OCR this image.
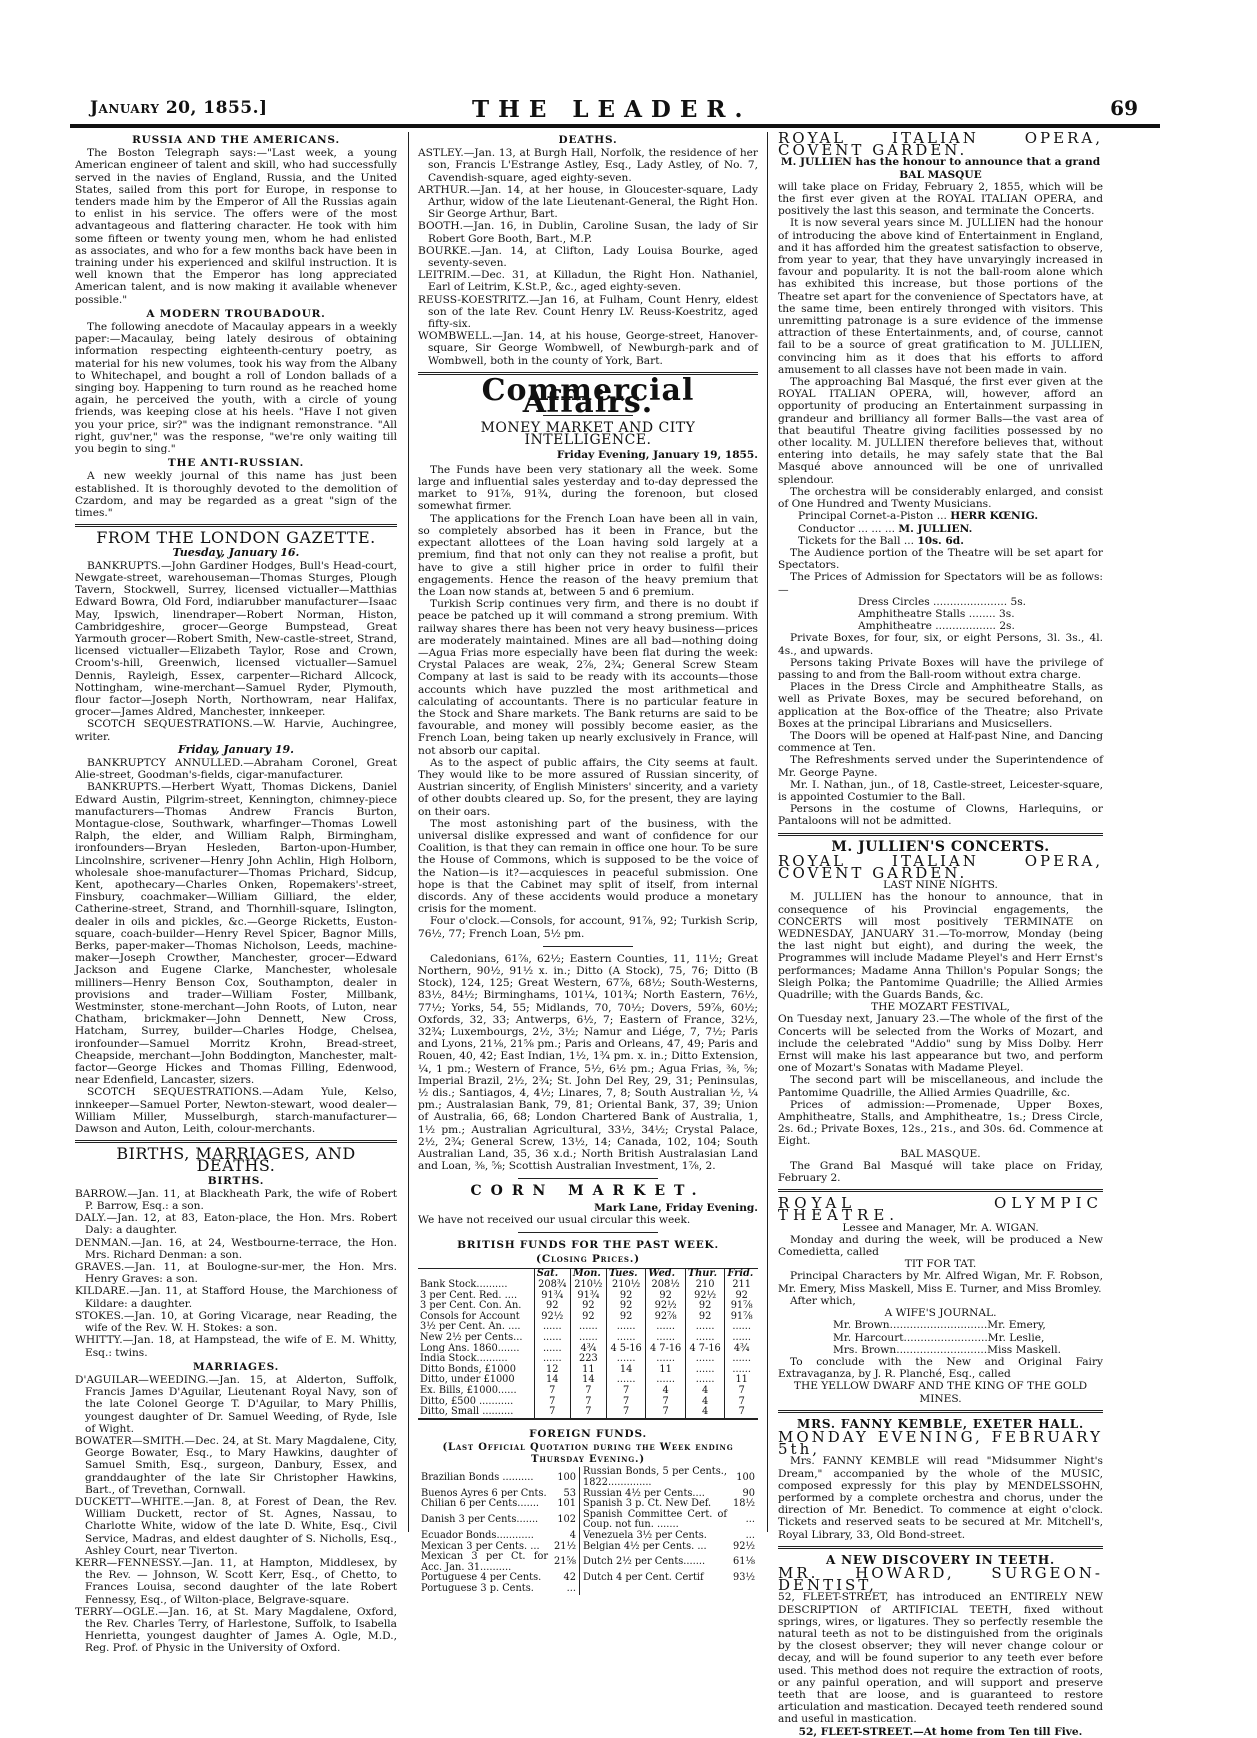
January 20, 1855.]	THE LEADER.	69
RUSSIA AND THE AMERICANS.

The Boston Telegraph says:—"Last week, a young American engineer of talent and skill, who had successfully served in the navies of England, Russia, and the United States, sailed from this port for Europe, in response to tenders made him by the Emperor of All the Russias again to enlist in his service. The offers were of the most advantageous and flattering character. He took with him some fifteen or twenty young men, whom he had enlisted as associates, and who for a few months back have been in training under his experienced and skilful instruction. It is well known that the Emperor has long appreciated American talent, and is now making it available whenever possible."

A MODERN TROUBADOUR.

The following anecdote of Macaulay appears in a weekly paper:—Macaulay, being lately desirous of obtaining information respecting eighteenth-century poetry, as material for his new volumes, took his way from the Albany to Whitechapel, and bought a roll of London ballads of a singing boy. Happening to turn round as he reached home again, he perceived the youth, with a circle of young friends, was keeping close at his heels. "Have I not given you your price, sir?" was the indignant remonstrance. "All right, guv'ner," was the response, "we're only waiting till you begin to sing."

THE ANTI-RUSSIAN.

A new weekly journal of this name has just been established. It is thoroughly devoted to the demolition of Czardom, and may be regarded as a great "sign of the times."

FROM THE LONDON GAZETTE.
Tuesday, January 16.

BANKRUPTS.—John Gardiner Hodges, Bull's Head-court, Newgate-street, warehouseman—Thomas Sturges, Plough Tavern, Stockwell, Surrey, licensed victualler—Matthias Edward Bowra, Old Ford, indiarubber manufacturer—Isaac May, Ipswich, linendraper—Robert Norman, Histon, Cambridgeshire, grocer—George Bumpstead, Great Yarmouth grocer—Robert Smith, New-castle-street, Strand, licensed victualler—Elizabeth Taylor, Rose and Crown, Croom's-hill, Greenwich, licensed victualler—Samuel Dennis, Rayleigh, Essex, carpenter—Richard Allcock, Nottingham, wine-merchant—Samuel Ryder, Plymouth, flour factor—Joseph North, Northowram, near Halifax, grocer—James Aldred, Manchester, innkeeper.

SCOTCH SEQUESTRATIONS.—W. Harvie, Auchingree, writer.

Friday, January 19.

BANKRUPTCY ANNULLED.—Abraham Coronel, Great Alie-street, Goodman's-fields, cigar-manufacturer.

BANKRUPTS.—Herbert Wyatt, Thomas Dickens, Daniel Edward Austin, Pilgrim-street, Kennington, chimney-piece manufacturers—Thomas Andrew Francis Burton, Montague-close, Southwark, wharfinger—Thomas Lowell Ralph, the elder, and William Ralph, Birmingham, ironfounders—Bryan Hesleden, Barton-upon-Humber, Lincolnshire, scrivener—Henry John Achlin, High Holborn, wholesale shoe-manufacturer—Thomas Prichard, Sidcup, Kent, apothecary—Charles Onken, Ropemakers'-street, Finsbury, coachmaker—William Gilliard, the elder, Catherine-street, Strand, and Thornhill-square, Islington, dealer in oils and pickles, &c.—George Ricketts, Euston-square, coach-builder—Henry Revel Spicer, Bagnor Mills, Berks, paper-maker—Thomas Nicholson, Leeds, machine-maker—Joseph Crowther, Manchester, grocer—Edward Jackson and Eugene Clarke, Manchester, wholesale milliners—Henry Benson Cox, Southampton, dealer in provisions and trader—William Foster, Millbank, Westminster, stone-merchant—John Roots, of Luton, near Chatham, brickmaker—John Dennett, New Cross, Hatcham, Surrey, builder—Charles Hodge, Chelsea, ironfounder—Samuel Morritz Krohn, Bread-street, Cheapside, merchant—John Boddington, Manchester, malt-factor—George Hickes and Thomas Filling, Edenwood, near Edenfield, Lancaster, sizers.

SCOTCH SEQUESTRATIONS.—Adam Yule, Kelso, innkeeper—Samuel Porter, Newton-stewart, wood dealer—William Miller, Musselburgh, starch-manufacturer—Dawson and Auton, Leith, colour-merchants.

BIRTHS, MARRIAGES, AND DEATHS.
BIRTHS.

BARROW.—Jan. 11, at Blackheath Park, the wife of Robert P. Barrow, Esq.: a son.

DALY.—Jan. 12, at 83, Eaton-place, the Hon. Mrs. Robert Daly: a daughter.

DENMAN.—Jan. 16, at 24, Westbourne-terrace, the Hon. Mrs. Richard Denman: a son.

GRAVES.—Jan. 11, at Boulogne-sur-mer, the Hon. Mrs. Henry Graves: a son.

KILDARE.—Jan. 11, at Stafford House, the Marchioness of Kildare: a daughter.

STOKES.—Jan. 10, at Goring Vicarage, near Reading, the wife of the Rev. W. H. Stokes: a son.

WHITTY.—Jan. 18, at Hampstead, the wife of E. M. Whitty, Esq.: twins.

MARRIAGES.

D'AGUILAR—WEEDING.—Jan. 15, at Alderton, Suffolk, Francis James D'Aguilar, Lieutenant Royal Navy, son of the late Colonel George T. D'Aguilar, to Mary Phillis, youngest daughter of Dr. Samuel Weeding, of Ryde, Isle of Wight.

BOWATER—SMITH.—Dec. 24, at St. Mary Magdalene, City, George Bowater, Esq., to Mary Hawkins, daughter of Samuel Smith, Esq., surgeon, Danbury, Essex, and granddaughter of the late Sir Christopher Hawkins, Bart., of Trevethan, Cornwall.

DUCKETT—WHITE.—Jan. 8, at Forest of Dean, the Rev. William Duckett, rector of St. Agnes, Nassau, to Charlotte White, widow of the late D. White, Esq., Civil Service, Madras, and eldest daughter of S. Nicholls, Esq., Ashley Court, near Tiverton.

KERR—FENNESSY.—Jan. 11, at Hampton, Middlesex, by the Rev. — Johnson, W. Scott Kerr, Esq., of Chetto, to Frances Louisa, second daughter of the late Robert Fennessy, Esq., of Wilton-place, Belgrave-square.

TERRY—OGLE.—Jan. 16, at St. Mary Magdalene, Oxford, the Rev. Charles Terry, of Harlestone, Suffolk, to Isabella Henrietta, youngest daughter of James A. Ogle, M.D., Reg. Prof. of Physic in the University of Oxford.

DEATHS.

ASTLEY.—Jan. 13, at Burgh Hall, Norfolk, the residence of her son, Francis L'Estrange Astley, Esq., Lady Astley, of No. 7, Cavendish-square, aged eighty-seven.

ARTHUR.—Jan. 14, at her house, in Gloucester-square, Lady Arthur, widow of the late Lieutenant-General, the Right Hon. Sir George Arthur, Bart.

BOOTH.—Jan. 16, in Dublin, Caroline Susan, the lady of Sir Robert Gore Booth, Bart., M.P.

BOURKE.—Jan. 14, at Clifton, Lady Louisa Bourke, aged seventy-seven.

LEITRIM.—Dec. 31, at Killadun, the Right Hon. Nathaniel, Earl of Leitrim, K.St.P., &c., aged eighty-seven.

REUSS-KOESTRITZ.—Jan 16, at Fulham, Count Henry, eldest son of the late Rev. Count Henry LV. Reuss-Koestritz, aged fifty-six.

WOMBWELL.—Jan. 14, at his house, George-street, Hanover-square, Sir George Wombwell, of Newburgh-park and of Wombwell, both in the county of York, Bart.

Commercial Affairs.
MONEY MARKET AND CITY INTELLIGENCE.
Friday Evening, January 19, 1855.

The Funds have been very stationary all the week. Some large and influential sales yesterday and to-day depressed the market to 91⅞, 91¾, during the forenoon, but closed somewhat firmer.

The applications for the French Loan have been all in vain, so completely absorbed has it been in France, but the expectant allottees of the Loan having sold largely at a premium, find that not only can they not realise a profit, but have to give a still higher price in order to fulfil their engagements. Hence the reason of the heavy premium that the Loan now stands at, between 5 and 6 premium.

Turkish Scrip continues very firm, and there is no doubt if peace be patched up it will command a strong premium. With railway shares there has been not very heavy business—prices are moderately maintained. Mines are all bad—nothing doing—Agua Frias more especially have been flat during the week: Crystal Palaces are weak, 2⅞, 2¾; General Screw Steam Company at last is said to be ready with its accounts—those accounts which have puzzled the most arithmetical and calculating of accountants. There is no particular feature in the Stock and Share markets. The Bank returns are said to be favourable, and money will possibly become easier, as the French Loan, being taken up nearly exclusively in France, will not absorb our capital.

As to the aspect of public affairs, the City seems at fault. They would like to be more assured of Russian sincerity, of Austrian sincerity, of English Ministers' sincerity, and a variety of other doubts cleared up. So, for the present, they are laying on their oars.

The most astonishing part of the business, with the universal dislike expressed and want of confidence for our Coalition, is that they can remain in office one hour. To be sure the House of Commons, which is supposed to be the voice of the Nation—is it?—acquiesces in peaceful submission. One hope is that the Cabinet may split of itself, from internal discords. Any of these accidents would produce a monetary crisis for the moment.

Four o'clock.—Consols, for account, 91⅞, 92; Turkish Scrip, 76½, 77; French Loan, 5½ pm.

Caledonians, 61⅞, 62½; Eastern Counties, 11, 11½; Great Northern, 90½, 91½ x. in.; Ditto (A Stock), 75, 76; Ditto (B Stock), 124, 125; Great Western, 67⅞, 68½; South-Westerns, 83½, 84½; Birminghams, 101¼, 101¾; North Eastern, 76½, 77½; Yorks, 54, 55; Midlands, 70, 70½; Dovers, 59⅞, 60½; Oxfords, 32, 33; Antwerps, 6½, 7; Eastern of France, 32½, 32¾; Luxembourgs, 2½, 3½; Namur and Liége, 7, 7½; Paris and Lyons, 21⅛, 21⅝ pm.; Paris and Orleans, 47, 49; Paris and Rouen, 40, 42; East Indian, 1½, 1¾ pm. x. in.; Ditto Extension, ¼, 1 pm.; Western of France, 5½, 6½ pm.; Agua Frias, ⅜, ⅝; Imperial Brazil, 2½, 2¾; St. John Del Rey, 29, 31; Peninsulas, ½ dis.; Santiagos, 4, 4½; Linares, 7, 8; South Australian ½, ¼ pm.; Australasian Bank, 79, 81; Oriental Bank, 37, 39; Union of Australia, 66, 68; London Chartered Bank of Australia, 1, 1½ pm.; Australian Agricultural, 33½, 34½; Crystal Palace, 2½, 2¾; General Screw, 13½, 14; Canada, 102, 104; South Australian Land, 35, 36 x.d.; North British Australasian Land and Loan, ⅜, ⅝; Scottish Australian Investment, 1⅞, 2.

CORN MARKET.
Mark Lane, Friday Evening.

We have not received our usual circular this week.

BRITISH FUNDS FOR THE PAST WEEK.
(Closing Prices.)
	Sat.	Mon.	Tues.	Wed.	Thur.	Frid.
Bank Stock..........	208¾	210½	210½	208½	210	211
3 per Cent. Red. ....	91¾	91¾	92	92	92½	92
3 per Cent. Con. An.	92	92	92	92½	92	91⅞
Consols for Account	92½	92	92	92⅞	92	91⅞
3½ per Cent. An. ....	......	......	......	......	......	......
New 2½ per Cents...	......	......	......	......	......	......
Long Ans. 1860.......	......	4¾	4 5-16	4 7-16	4 7-16	4¾
India Stock..........	......	223	......	......	......	......
Ditto Bonds, £1000	12	11	14	11	......	......
Ditto, under £1000	14	14	......	......	......	11
Ex. Bills, £1000......	7	7	7	4	4	7
Ditto, £500 ...........	7	7	7	7	4	7
Ditto, Small ..........	7	7	7	7	4	7
FOREIGN FUNDS.
(Last Official Quotation during the Week ending Thursday Evening.)
Brazilian Bonds ..........	100	Russian Bonds, 5 per Cents., 1822..............	100
Buenos Ayres 6 per Cnts.	53	Russian 4½ per Cents....	90
Chilian 6 per Cents.......	101	Spanish 3 p. Ct. New Def.	18½
Danish 3 per Cents.......	102	Spanish Committee Cert. of Coup. not fun. .......	...
Ecuador Bonds............	4	Venezuela 3½ per Cents.	...
Mexican 3 per Cents. ...	21½	Belgian 4½ per Cents. ...	92½
Mexican 3 per Ct. for Acc. Jan. 31..........	21⅝	Dutch 2½ per Cents.......	61⅛
Portuguese 4 per Cents.	42	Dutch 4 per Cent. Certif	93½
Portuguese 3 p. Cents.	...		
ROYAL ITALIAN OPERA, COVENT GARDEN.
M. JULLIEN has the honour to announce that a grand
BAL MASQUE

will take place on Friday, February 2, 1855, which will be the first ever given at the ROYAL ITALIAN OPERA, and positively the last this season, and terminate the Concerts.

It is now several years since M. JULLIEN had the honour of introducing the above kind of Entertainment in England, and it has afforded him the greatest satisfaction to observe, from year to year, that they have unvaryingly increased in favour and popularity. It is not the ball-room alone which has exhibited this increase, but those portions of the Theatre set apart for the convenience of Spectators have, at the same time, been entirely thronged with visitors. This unremitting patronage is a sure evidence of the immense attraction of these Entertainments, and, of course, cannot fail to be a source of great gratification to M. JULLIEN, convincing him as it does that his efforts to afford amusement to all classes have not been made in vain.

The approaching Bal Masqué, the first ever given at the ROYAL ITALIAN OPERA, will, however, afford an opportunity of producing an Entertainment surpassing in grandeur and brilliancy all former Balls—the vast area of that beautiful Theatre giving facilities possessed by no other locality. M. JULLIEN therefore believes that, without entering into details, he may safely state that the Bal Masqué above announced will be one of unrivalled splendour.

The orchestra will be considerably enlarged, and consist of One Hundred and Twenty Musicians.

Principal Cornet-a-Piston ... HERR KŒNIG.
Conductor ... ... ... M. JULLIEN.
Tickets for the Ball ... 10s. 6d.

The Audience portion of the Theatre will be set apart for Spectators.

The Prices of Admission for Spectators will be as follows:—

Dress Circles ...................... 5s.
Amphitheatre Stalls ........ 3s.
Amphitheatre .................. 2s.

Private Boxes, for four, six, or eight Persons, 3l. 3s., 4l. 4s., and upwards.

Persons taking Private Boxes will have the privilege of passing to and from the Ball-room without extra charge.

Places in the Dress Circle and Amphitheatre Stalls, as well as Private Boxes, may be secured beforehand, on application at the Box-office of the Theatre; also Private Boxes at the principal Librarians and Musicsellers.

The Doors will be opened at Half-past Nine, and Dancing commence at Ten.

The Refreshments served under the Superintendence of Mr. George Payne.

Mr. I. Nathan, jun., of 18, Castle-street, Leicester-square, is appointed Costumier to the Ball.

Persons in the costume of Clowns, Harlequins, or Pantaloons will not be admitted.

M. JULLIEN'S CONCERTS.
ROYAL ITALIAN OPERA, COVENT GARDEN.
LAST NINE NIGHTS.

M. JULLIEN has the honour to announce, that in consequence of his Provincial engagements, the CONCERTS will most positively TERMINATE on WEDNESDAY, JANUARY 31.—To-morrow, Monday (being the last night but eight), and during the week, the Programmes will include Madame Pleyel's and Herr Ernst's performances; Madame Anna Thillon's Popular Songs; the Sleigh Polka; the Pantomime Quadrille; the Allied Armies Quadrille; with the Guards Bands, &c.

THE MOZART FESTIVAL,

On Tuesday next, January 23.—The whole of the first of the Concerts will be selected from the Works of Mozart, and include the celebrated "Addio" sung by Miss Dolby. Herr Ernst will make his last appearance but two, and perform one of Mozart's Sonatas with Madame Pleyel.

The second part will be miscellaneous, and include the Pantomime Quadrille, the Allied Armies Quadrille, &c.

Prices of admission:—Promenade, Upper Boxes, Amphitheatre, Stalls, and Amphitheatre, 1s.; Dress Circle, 2s. 6d.; Private Boxes, 12s., 21s., and 30s. 6d. Commence at Eight.

BAL MASQUE.

The Grand Bal Masqué will take place on Friday, February 2.

ROYAL OLYMPIC THEATRE.
Lessee and Manager, Mr. A. WIGAN.

Monday and during the week, will be produced a New Comedietta, called

TIT FOR TAT.

Principal Characters by Mr. Alfred Wigan, Mr. F. Robson, Mr. Emery, Miss Maskell, Miss E. Turner, and Miss Bromley.

After which,

A WIFE'S JOURNAL.
Mr. Brown.............................Mr. Emery,
Mr. Harcourt.........................Mr. Leslie,
Mrs. Brown...........................Miss Maskell.

To conclude with the New and Original Fairy Extravaganza, by J. R. Planché, Esq., called

THE YELLOW DWARF AND THE KING OF THE GOLD MINES.
MRS. FANNY KEMBLE, EXETER HALL.
MONDAY EVENING, FEBRUARY 5th,

Mrs. FANNY KEMBLE will read "Midsummer Night's Dream," accompanied by the whole of the MUSIC, composed expressly for this play by MENDELSSOHN, performed by a complete orchestra and chorus, under the direction of Mr. Benedict. To commence at eight o'clock. Tickets and reserved seats to be secured at Mr. Mitchell's, Royal Library, 33, Old Bond-street.

A NEW DISCOVERY IN TEETH.
MR. HOWARD, SURGEON-DENTIST,

52, FLEET-STREET, has introduced an ENTIRELY NEW DESCRIPTION of ARTIFICIAL TEETH, fixed without springs, wires, or ligatures. They so perfectly resemble the natural teeth as not to be distinguished from the originals by the closest observer; they will never change colour or decay, and will be found superior to any teeth ever before used. This method does not require the extraction of roots, or any painful operation, and will support and preserve teeth that are loose, and is guaranteed to restore articulation and mastication. Decayed teeth rendered sound and useful in mastication.

52, FLEET-STREET.—At home from Ten till Five.
